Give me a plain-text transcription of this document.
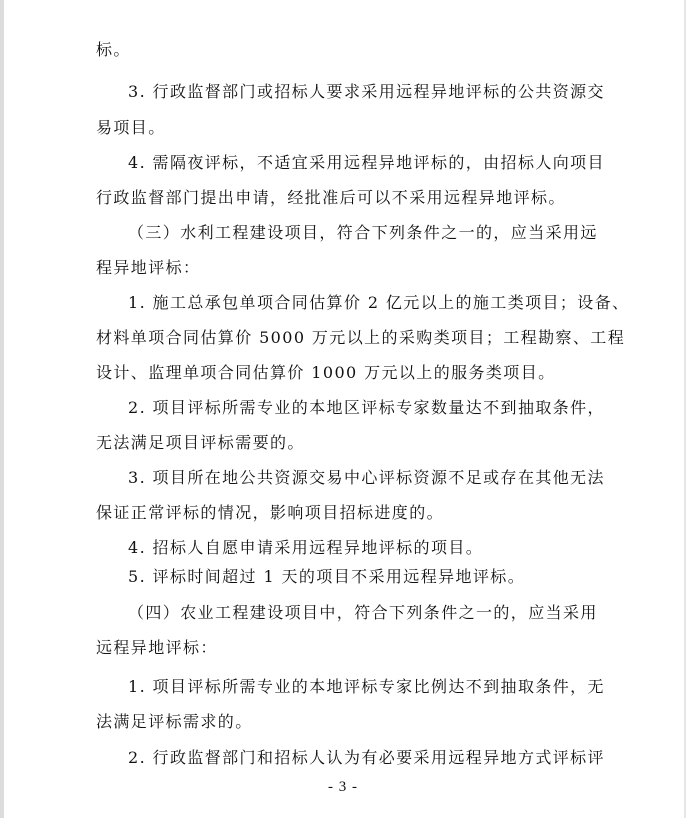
标。
3. 行政监督部门或招标人要求采用远程异地评标的公共资源交
易项目。
4. 需隔夜评标，不适宜采用远程异地评标的，由招标人向项目
行政监督部门提出申请，经批准后可以不采用远程异地评标。
（三）水利工程建设项目，符合下列条件之一的，应当采用远
程异地评标：
1. 施工总承包单项合同估算价 2 亿元以上的施工类项目；设备、
材料单项合同估算价 5000 万元以上的采购类项目；工程勘察、工程
设计、监理单项合同估算价 1000 万元以上的服务类项目。
2. 项目评标所需专业的本地区评标专家数量达不到抽取条件，
无法满足项目评标需要的。
3. 项目所在地公共资源交易中心评标资源不足或存在其他无法
保证正常评标的情况，影响项目招标进度的。
4. 招标人自愿申请采用远程异地评标的项目。
5. 评标时间超过 1 天的项目不采用远程异地评标。
（四）农业工程建设项目中，符合下列条件之一的，应当采用
远程异地评标：
1. 项目评标所需专业的本地评标专家比例达不到抽取条件，无
法满足评标需求的。
2. 行政监督部门和招标人认为有必要采用远程异地方式评标评
- 3 -
